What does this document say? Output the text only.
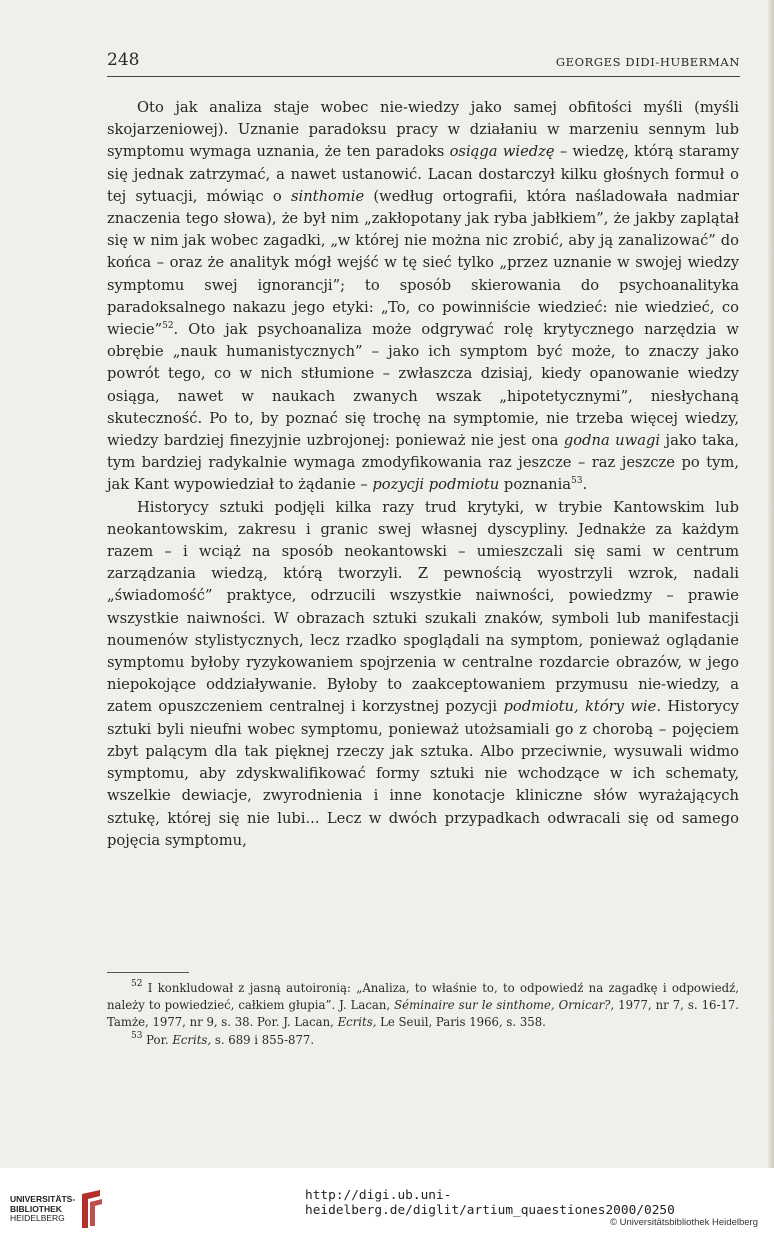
248	GEORGES DIDI-HUBERMAN

Oto jak analiza staje wobec nie-wiedzy jako samej obfitości myśli (myśli skojarzeniowej). Uznanie paradoksu pracy w działaniu w marzeniu sennym lub symptomu wymaga uznania, że ten paradoks osiąga wiedzę – wiedzę, którą staramy się jednak zatrzymać, a nawet ustanowić. Lacan dostarczył kilku głośnych formuł o tej sytuacji, mówiąc o sinthomie (według ortografii, która naśladowała nadmiar znaczenia tego słowa), że był nim „zakłopotany jak ryba jabłkiem”, że jakby zaplątał się w nim jak wobec zagadki, „w której nie można nic zrobić, aby ją zanalizować” do końca – oraz że analityk mógł wejść w tę sieć tylko „przez uznanie w swojej wiedzy symptomu swej ignorancji”; to sposób skierowania do psychoanalityka paradoksalnego nakazu jego etyki: „To, co powinniście wiedzieć: nie wiedzieć, co wiecie”$^{52}$. Oto jak psychoanaliza może odgrywać rolę krytycznego narzędzia w obrębie „nauk humanistycznych” – jako ich symptom być może, to znaczy jako powrót tego, co w nich stłumione – zwłaszcza dzisiaj, kiedy opanowanie wiedzy osiąga, nawet w naukach zwanych wszak „hipotetycznymi”, niesłychaną skuteczność. Po to, by poznać się trochę na symptomie, nie trzeba więcej wiedzy, wiedzy bardziej finezyjnie uzbrojonej: ponieważ nie jest ona godna uwagi jako taka, tym bardziej radykalnie wymaga zmodyfikowania raz jeszcze – raz jeszcze po tym, jak Kant wypowiedział to żądanie – pozycji podmiotu poznania$^{53}$.

Historycy sztuki podjęli kilka razy trud krytyki, w trybie Kantowskim lub neokantowskim, zakresu i granic swej własnej dyscypliny. Jednakże za każdym razem – i wciąż na sposób neokantowski – umieszczali się sami w centrum zarządzania wiedzą, którą tworzyli. Z pewnością wyostrzyli wzrok, nadali „świadomość” praktyce, odrzucili wszystkie naiwności, powiedzmy – prawie wszystkie naiwności. W obrazach sztuki szukali znaków, symboli lub manifestacji noumenów stylistycznych, lecz rzadko spoglądali na symptom, ponieważ oglądanie symptomu byłoby ryzykowaniem spojrzenia w centralne rozdarcie obrazów, w jego niepokojące oddziaływanie. Byłoby to zaakceptowaniem przymusu nie-wiedzy, a zatem opuszczeniem centralnej i korzystnej pozycji podmiotu, który wie. Historycy sztuki byli nieufni wobec symptomu, ponieważ utożsamiali go z chorobą – pojęciem zbyt palącym dla tak pięknej rzeczy jak sztuka. Albo przeciwnie, wysuwali widmo symptomu, aby zdyskwalifikować formy sztuki nie wchodzące w ich schematy, wszelkie dewiacje, zwyrodnienia i inne konotacje kliniczne słów wyrażających sztukę, której się nie lubi... Lecz w dwóch przypadkach odwracali się od samego pojęcia symptomu,

$^{52}$ I konkludował z jasną autoironią: „Analiza, to właśnie to, to odpowiedź na zagadkę i odpowiedź, należy to powiedzieć, całkiem głupia”. J. Lacan, Séminaire sur le sinthome, Ornicar?, 1977, nr 7, s. 16-17. Tamże, 1977, nr 9, s. 38. Por. J. Lacan, Ecrits, Le Seuil, Paris 1966, s. 358.

$^{53}$ Por. Ecrits, s. 689 i 855-877.

UNIVERSITÄTS-
BIBLIOTHEK
HEIDELBERG
http://digi.ub.uni-heidelberg.de/diglit/artium_quaestiones2000/0250
© Universitätsbibliothek Heidelberg
